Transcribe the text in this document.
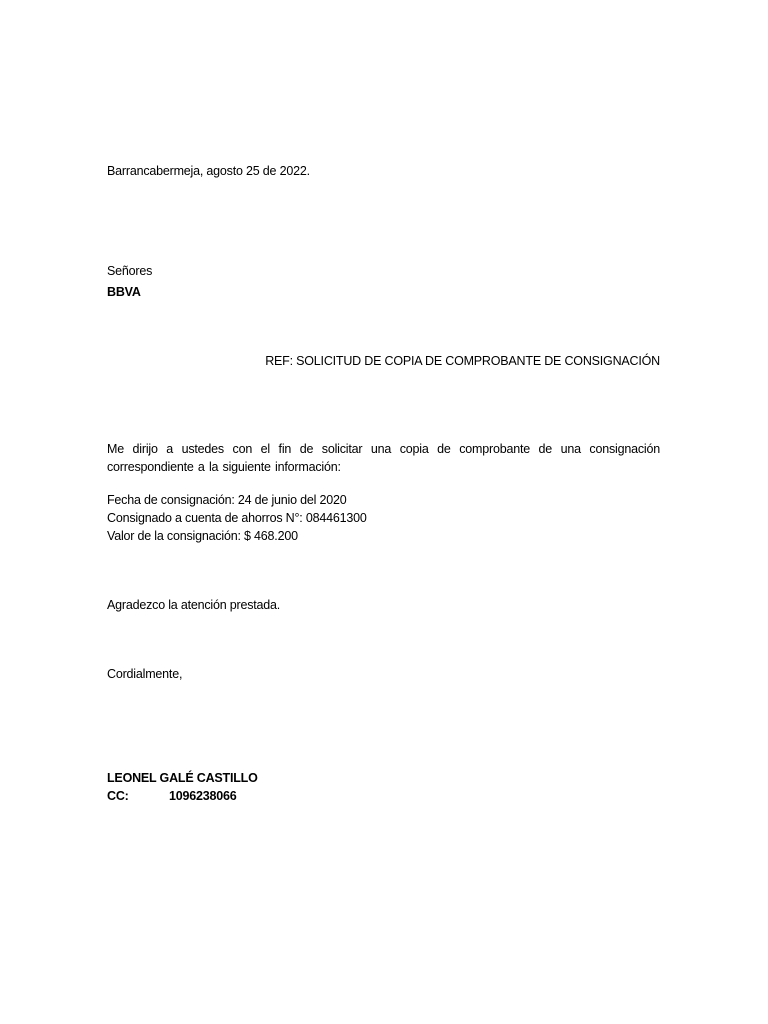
Barrancabermeja, agosto 25 de 2022.
Señores
BBVA
REF: SOLICITUD DE COPIA DE COMPROBANTE DE CONSIGNACIÓN
Me dirijo a ustedes con el fin de solicitar una copia de comprobante de una consignación correspondiente a la siguiente información:
Fecha de consignación: 24 de junio del 2020
Consignado a cuenta de ahorros N°: 084461300
Valor de la consignación: $ 468.200
Agradezco la atención prestada.
Cordialmente,
LEONEL GALÉ CASTILLO
CC:	1096238066
